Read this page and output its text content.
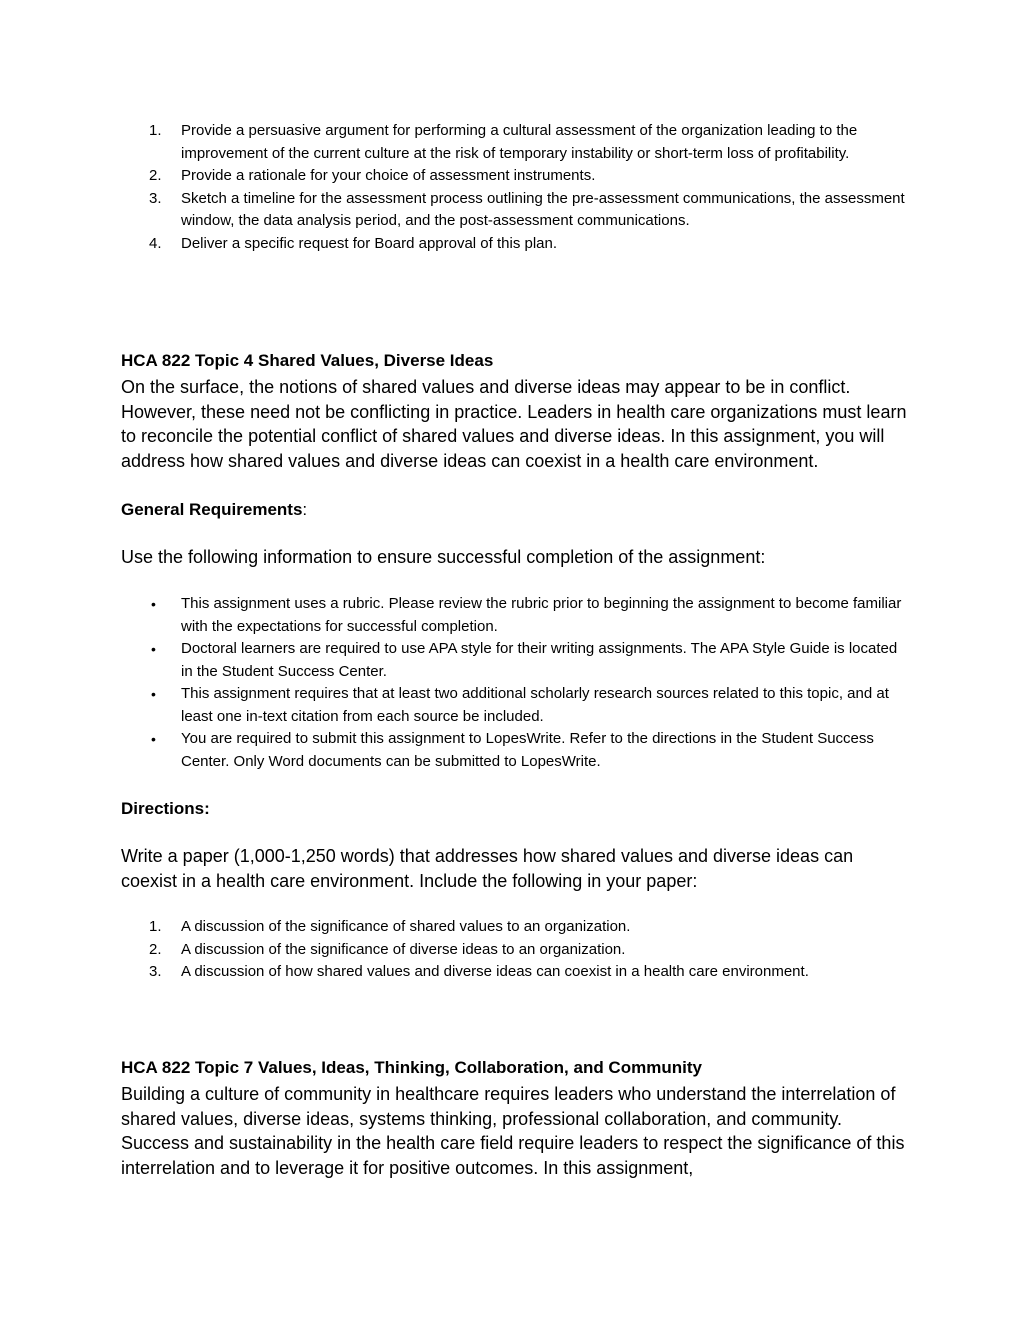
1.	Provide a persuasive argument for performing a cultural assessment of the organization leading to the improvement of the current culture at the risk of temporary instability or short-term loss of profitability.
2.	Provide a rationale for your choice of assessment instruments.
3.	Sketch a timeline for the assessment process outlining the pre-assessment communications, the assessment window, the data analysis period, and the post-assessment communications.
4.	Deliver a specific request for Board approval of this plan.
HCA 822 Topic 4 Shared Values, Diverse Ideas

On the surface, the notions of shared values and diverse ideas may appear to be in conflict. However, these need not be conflicting in practice. Leaders in health care organizations must learn to reconcile the potential conflict of shared values and diverse ideas. In this assignment, you will address how shared values and diverse ideas can coexist in a health care environment.

General Requirements:

Use the following information to ensure successful completion of the assignment:

•	This assignment uses a rubric. Please review the rubric prior to beginning the assignment to become familiar with the expectations for successful completion.
•	Doctoral learners are required to use APA style for their writing assignments. The APA Style Guide is located in the Student Success Center.
•	This assignment requires that at least two additional scholarly research sources related to this topic, and at least one in-text citation from each source be included.
•	You are required to submit this assignment to LopesWrite. Refer to the directions in the Student Success Center. Only Word documents can be submitted to LopesWrite.

Directions:

Write a paper (1,000-1,250 words) that addresses how shared values and diverse ideas can coexist in a health care environment. Include the following in your paper:

1.	A discussion of the significance of shared values to an organization.
2.	A discussion of the significance of diverse ideas to an organization.
3.	A discussion of how shared values and diverse ideas can coexist in a health care environment.
HCA 822 Topic 7 Values, Ideas, Thinking, Collaboration, and Community

Building a culture of community in healthcare requires leaders who understand the interrelation of shared values, diverse ideas, systems thinking, professional collaboration, and community. Success and sustainability in the health care field require leaders to respect the significance of this interrelation and to leverage it for positive outcomes. In this assignment,
